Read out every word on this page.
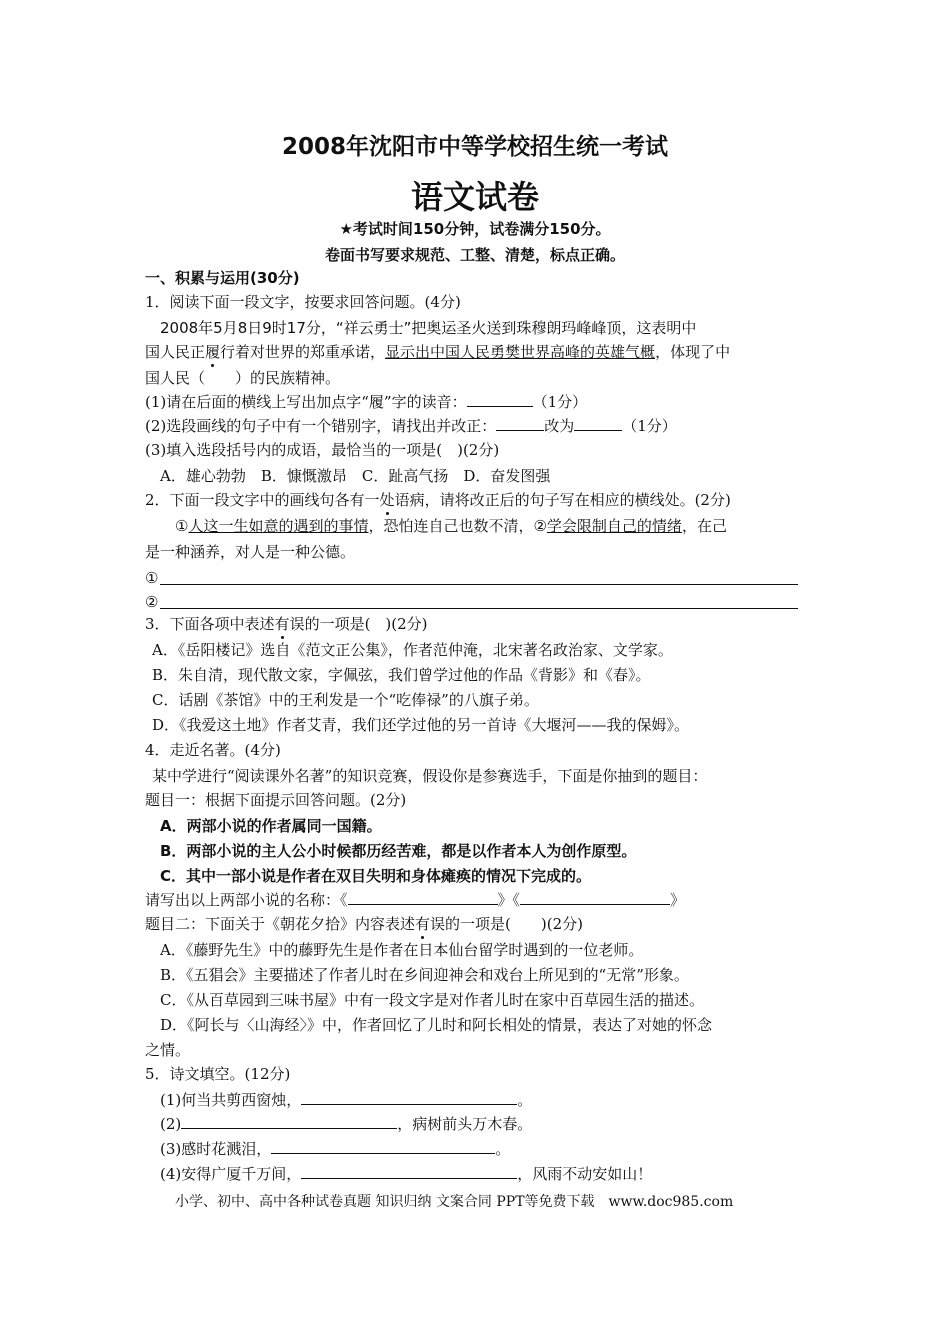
2008年沈阳市中等学校招生统一考试
语文试卷
★考试时间150分钟，试卷满分150分。
卷面书写要求规范、工整、清楚，标点正确。
一、积累与运用(30分)
1．阅读下面一段文字，按要求回答问题。(4分)
2008年5月8日9时17分，“祥云勇士”把奥运圣火送到珠穆朗玛峰峰顶，这表明中
国人民正履行着对世界的郑重承诺，显示出中国人民勇樊世界高峰的英雄气概，体现了中
国人民（　　）的民族精神。
(1)请在后面的横线上写出加点字“履”字的读音：	（1分）
(2)选段画线的句子中有一个错别字，请找出并改正：	改为	（1分）
(3)填入选段括号内的成语，最恰当的一项是(　)(2分)
A．雄心勃勃　B．慷慨激昂　C．趾高气扬　D．奋发图强
2．下面一段文字中的画线句各有一处语病，请将改正后的句子写在相应的横线处。(2分)
①人这一生如意的遇到的事情，恐怕连自己也数不清，②学会限制自己的情绪，在己
是一种涵养，对人是一种公德。
①
②
3．下面各项中表述有误的一项是(　)(2分)
A．《岳阳楼记》选自《范文正公集》，作者范仲淹，北宋著名政治家、文学家。
B．朱自清，现代散文家，字佩弦，我们曾学过他的作品《背影》和《春》。
C．话剧《茶馆》中的王利发是一个“吃俸禄”的八旗子弟。
D．《我爱这土地》作者艾青，我们还学过他的另一首诗《大堰河——我的保姆》。
4．走近名著。(4分)
某中学进行“阅读课外名著”的知识竞赛，假设你是参赛选手，下面是你抽到的题目：
题目一：根据下面提示回答问题。(2分)
A．两部小说的作者属同一国籍。
B．两部小说的主人公小时候都历经苦难，都是以作者本人为创作原型。
C．其中一部小说是作者在双目失明和身体瘫痪的情况下完成的。
请写出以上两部小说的名称：《	》《	》
题目二：下面关于《朝花夕拾》内容表述有误的一项是(　　)(2分)
A．《藤野先生》中的藤野先生是作者在日本仙台留学时遇到的一位老师。
B．《五猖会》主要描述了作者儿时在乡间迎神会和戏台上所见到的“无常”形象。
C．《从百草园到三味书屋》中有一段文字是对作者儿时在家中百草园生活的描述。
D．《阿长与〈山海经〉》中，作者回忆了儿时和阿长相处的情景，表达了对她的怀念
之情。
5．诗文填空。(12分)
(1)何当共剪西窗烛，	。
(2)	，病树前头万木春。
(3)感时花溅泪，	。
(4)安得广厦千万间，	，风雨不动安如山！
小学、初中、高中各种试卷真题 知识归纳 文案合同 PPT等免费下载　www.doc985.com
